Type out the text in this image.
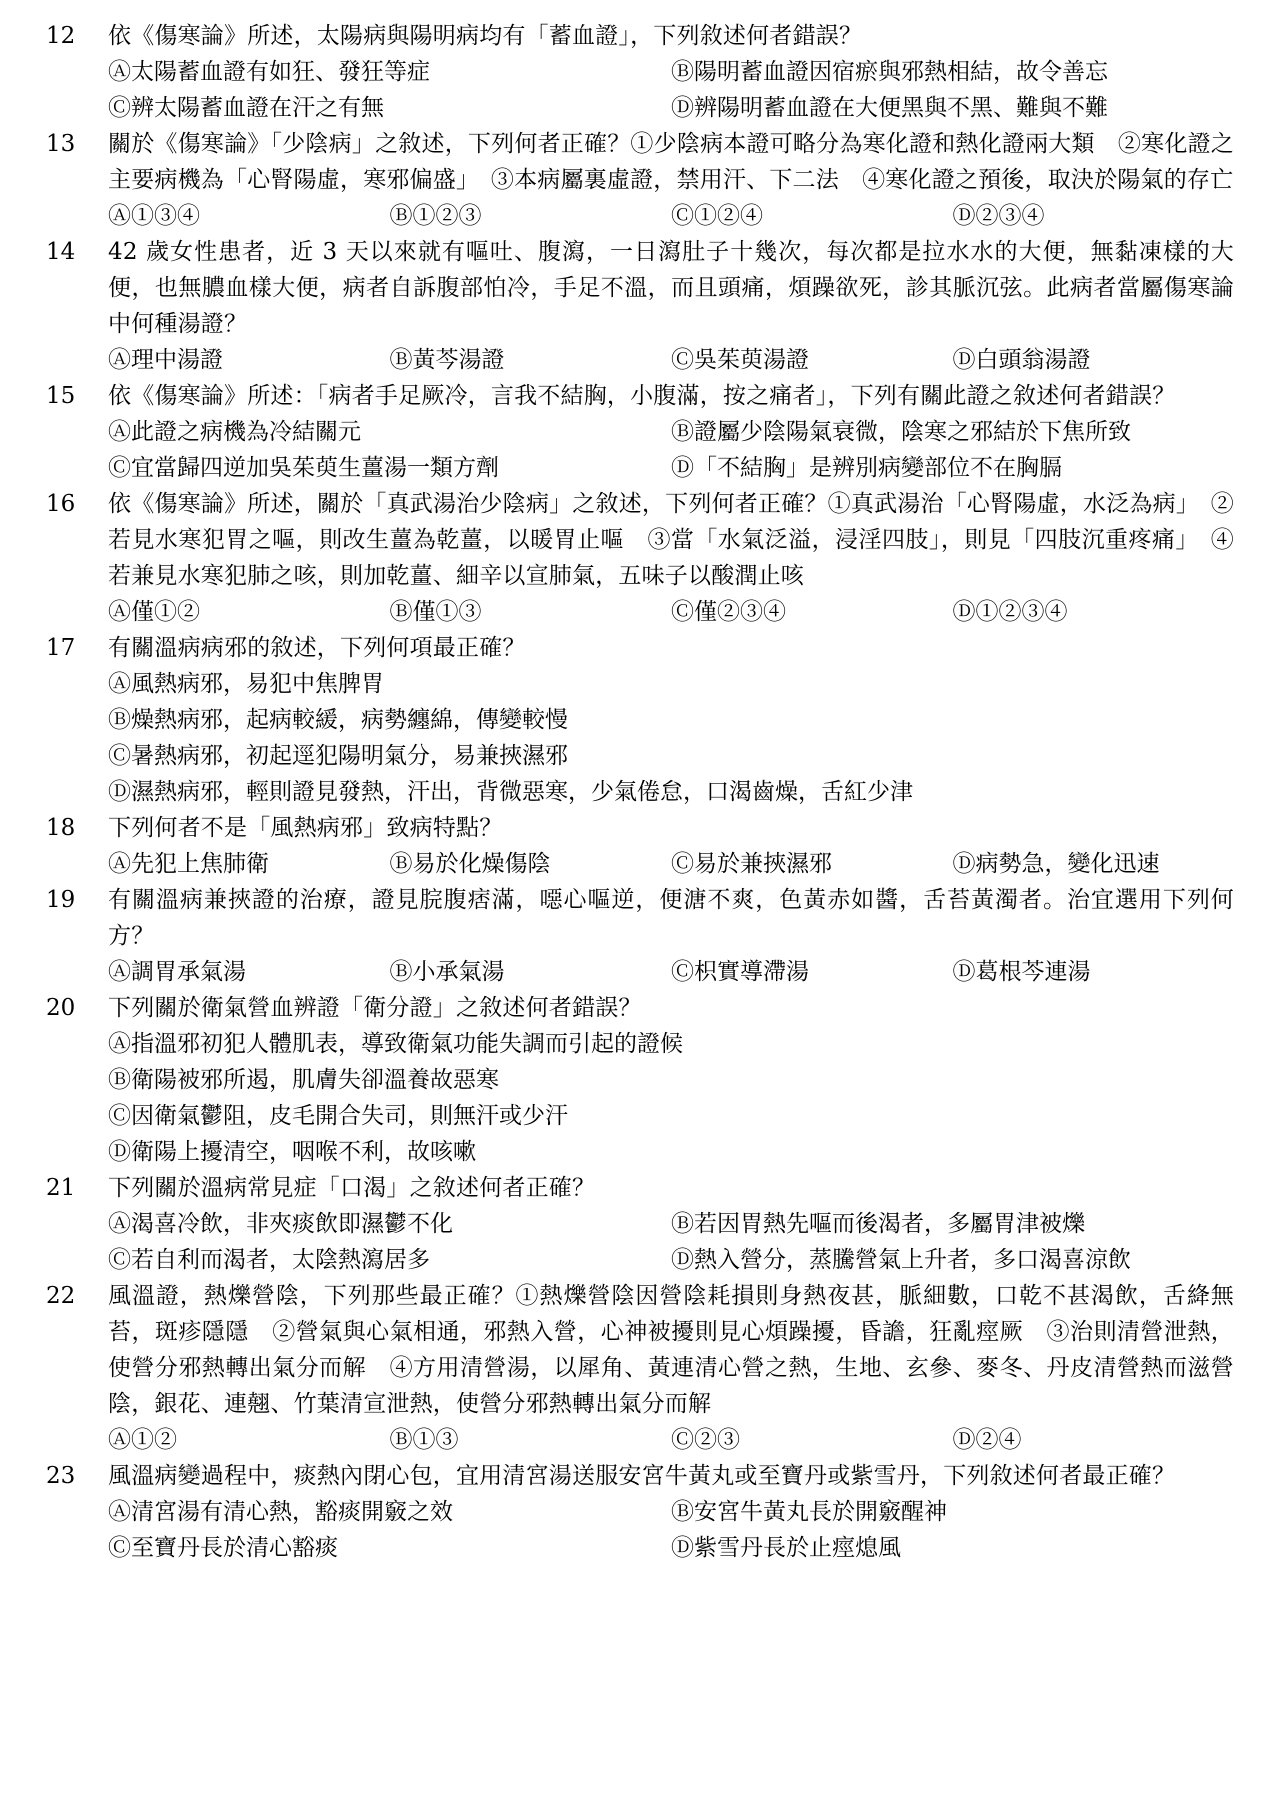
12	依《傷寒論》所述，太陽病與陽明病均有「蓄血證」，下列敘述何者錯誤？
Ⓐ太陽蓄血證有如狂、發狂等症	Ⓑ陽明蓄血證因宿瘀與邪熱相結，故令善忘
Ⓒ辨太陽蓄血證在汗之有無	Ⓓ辨陽明蓄血證在大便黑與不黑、難與不難
13	關於《傷寒論》「少陰病」之敘述，下列何者正確？①少陰病本證可略分為寒化證和熱化證兩大類　②寒化證之主要病機為「心腎陽虛，寒邪偏盛」　③本病屬裏虛證，禁用汗、下二法　④寒化證之預後，取決於陽氣的存亡
Ⓐ①③④	Ⓑ①②③	Ⓒ①②④	Ⓓ②③④
14	42 歲女性患者，近 3 天以來就有嘔吐、腹瀉，一日瀉肚子十幾次，每次都是拉水水的大便，無黏凍樣的大便，也無膿血樣大便，病者自訴腹部怕冷，手足不溫，而且頭痛，煩躁欲死，診其脈沉弦。此病者當屬傷寒論中何種湯證？
Ⓐ理中湯證	Ⓑ黃芩湯證	Ⓒ吳茱萸湯證	Ⓓ白頭翁湯證
15	依《傷寒論》所述：「病者手足厥冷，言我不結胸，小腹滿，按之痛者」，下列有關此證之敘述何者錯誤？
Ⓐ此證之病機為冷結關元	Ⓑ證屬少陰陽氣衰微，陰寒之邪結於下焦所致
Ⓒ宜當歸四逆加吳茱萸生薑湯一類方劑	Ⓓ「不結胸」是辨別病變部位不在胸膈
16	依《傷寒論》所述，關於「真武湯治少陰病」之敘述，下列何者正確？①真武湯治「心腎陽虛，水泛為病」　②若見水寒犯胃之嘔，則改生薑為乾薑，以暖胃止嘔　③當「水氣泛溢，浸淫四肢」，則見「四肢沉重疼痛」　④若兼見水寒犯肺之咳，則加乾薑、細辛以宣肺氣，五味子以酸潤止咳
Ⓐ僅①②	Ⓑ僅①③	Ⓒ僅②③④	Ⓓ①②③④
17	有關溫病病邪的敘述，下列何項最正確？
Ⓐ風熱病邪，易犯中焦脾胃
Ⓑ燥熱病邪，起病較緩，病勢纏綿，傳變較慢
Ⓒ暑熱病邪，初起逕犯陽明氣分，易兼挾濕邪
Ⓓ濕熱病邪，輕則證見發熱，汗出，背微惡寒，少氣倦怠，口渴齒燥，舌紅少津
18	下列何者不是「風熱病邪」致病特點？
Ⓐ先犯上焦肺衛	Ⓑ易於化燥傷陰	Ⓒ易於兼挾濕邪	Ⓓ病勢急，變化迅速
19	有關溫病兼挾證的治療，證見脘腹痞滿，噁心嘔逆，便溏不爽，色黃赤如醬，舌苔黃濁者。治宜選用下列何方？
Ⓐ調胃承氣湯	Ⓑ小承氣湯	Ⓒ枳實導滯湯	Ⓓ葛根芩連湯
20	下列關於衛氣營血辨證「衛分證」之敘述何者錯誤？
Ⓐ指溫邪初犯人體肌表，導致衛氣功能失調而引起的證候
Ⓑ衛陽被邪所遏，肌膚失卻溫養故惡寒
Ⓒ因衛氣鬱阻，皮毛開合失司，則無汗或少汗
Ⓓ衛陽上擾清空，咽喉不利，故咳嗽
21	下列關於溫病常見症「口渴」之敘述何者正確？
Ⓐ渴喜冷飲，非夾痰飲即濕鬱不化	Ⓑ若因胃熱先嘔而後渴者，多屬胃津被爍
Ⓒ若自利而渴者，太陰熱瀉居多	Ⓓ熱入營分，蒸騰營氣上升者，多口渴喜涼飲
22	風溫證，熱爍營陰，下列那些最正確？①熱爍營陰因營陰耗損則身熱夜甚，脈細數，口乾不甚渴飲，舌絳無苔，斑疹隱隱　②營氣與心氣相通，邪熱入營，心神被擾則見心煩躁擾，昏譫，狂亂痙厥　③治則清營泄熱，使營分邪熱轉出氣分而解　④方用清營湯，以犀角、黃連清心營之熱，生地、玄參、麥冬、丹皮清營熱而滋營陰，銀花、連翹、竹葉清宣泄熱，使營分邪熱轉出氣分而解
Ⓐ①②	Ⓑ①③	Ⓒ②③	Ⓓ②④
23	風溫病變過程中，痰熱內閉心包，宜用清宮湯送服安宮牛黃丸或至寶丹或紫雪丹，下列敘述何者最正確？
Ⓐ清宮湯有清心熱，豁痰開竅之效	Ⓑ安宮牛黃丸長於開竅醒神
Ⓒ至寶丹長於清心豁痰	Ⓓ紫雪丹長於止痙熄風
